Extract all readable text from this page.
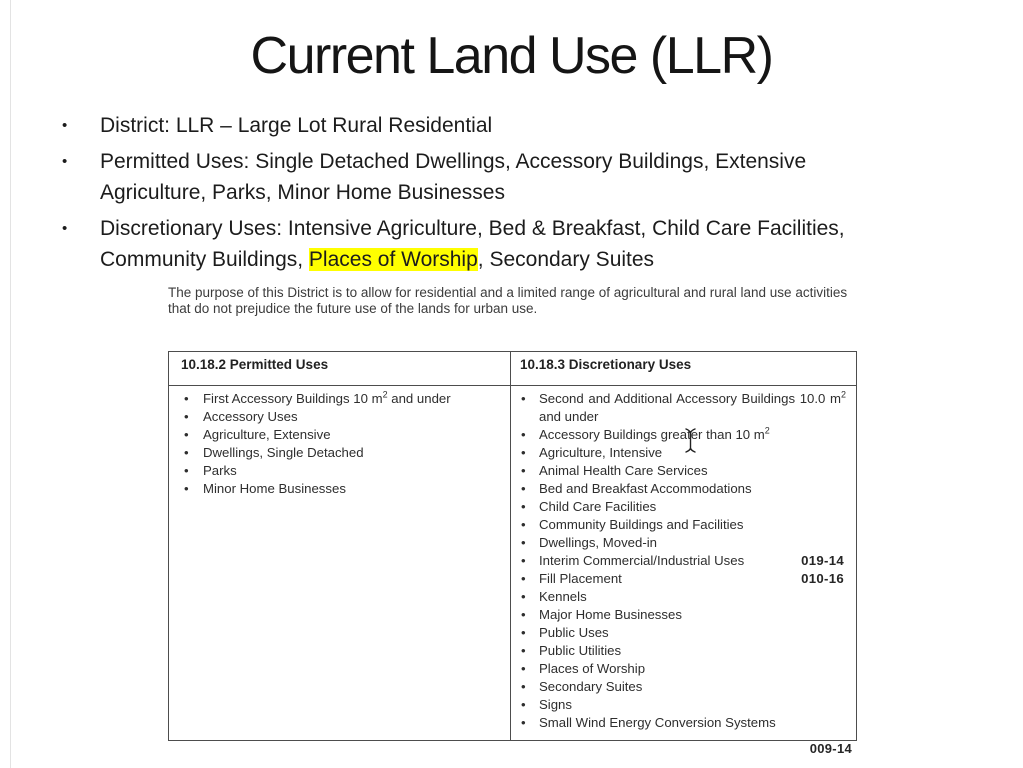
Current Land Use (LLR)
• District: LLR – Large Lot Rural Residential
• Permitted Uses: Single Detached Dwellings, Accessory Buildings, Extensive Agriculture, Parks, Minor Home Businesses
• Discretionary Uses: Intensive Agriculture, Bed & Breakfast, Child Care Facilities, Community Buildings, Places of Worship, Secondary Suites

The purpose of this District is to allow for residential and a limited range of agricultural and rural land use activities that do not prejudice the future use of the lands for urban use.

10.18.2 Permitted Uses
• First Accessory Buildings 10 $m^2$ and under
• Accessory Uses
• Agriculture, Extensive
• Dwellings, Single Detached
• Parks
• Minor Home Businesses
10.18.3 Discretionary Uses
• Second and Additional Accessory Buildings 10.0 $m^2$ and under
• Accessory Buildings greater than 10 $m^2$
• Agriculture, Intensive
• Animal Health Care Services
• Bed and Breakfast Accommodations
• Child Care Facilities
• Community Buildings and Facilities
• Dwellings, Moved-in
•	019-14
Interim Commercial/Industrial Uses
•	010-16
Fill Placement
• Kennels
• Major Home Businesses
• Public Uses
• Public Utilities
• Places of Worship
• Secondary Suites
• Signs
• Small Wind Energy Conversion Systems
009-14
